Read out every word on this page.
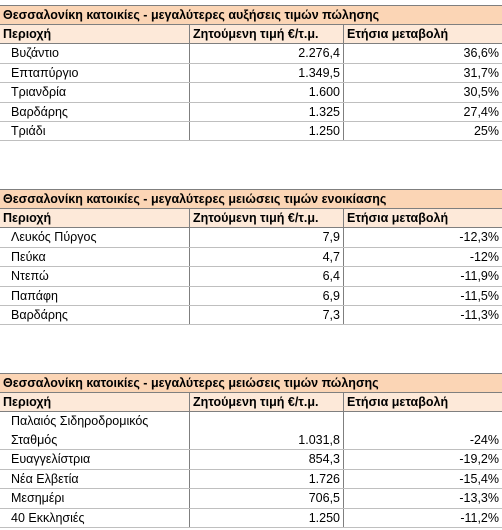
Θεσσαλονίκη κατοικίες - μεγαλύτερες αυξήσεις τιμών πώλησης
Περιοχή	Ζητούμενη τιμή €/τ.μ.	Ετήσια μεταβολή
Βυζάντιο	2.276,4	36,6%
Επταπύργιο	1.349,5	31,7%
Τριανδρία	1.600	30,5%
Βαρδάρης	1.325	27,4%
Τριάδι	1.250	25%
Θεσσαλονίκη κατοικίες - μεγαλύτερες μειώσεις τιμών ενοικίασης
Περιοχή	Ζητούμενη τιμή €/τ.μ.	Ετήσια μεταβολή
Λευκός Πύργος	7,9	-12,3%
Πεύκα	4,7	-12%
Ντεπώ	6,4	-11,9%
Παπάφη	6,9	-11,5%
Βαρδάρης	7,3	-11,3%
Θεσσαλονίκη κατοικίες - μεγαλύτερες μειώσεις τιμών πώλησης
Περιοχή	Ζητούμενη τιμή €/τ.μ.	Ετήσια μεταβολή
Παλαιός Σιδηροδρομικός Σταθμός	1.031,8	-24%
Ευαγγελίστρια	854,3	-19,2%
Νέα Ελβετία	1.726	-15,4%
Μεσημέρι	706,5	-13,3%
40 Εκκλησιές	1.250	-11,2%
